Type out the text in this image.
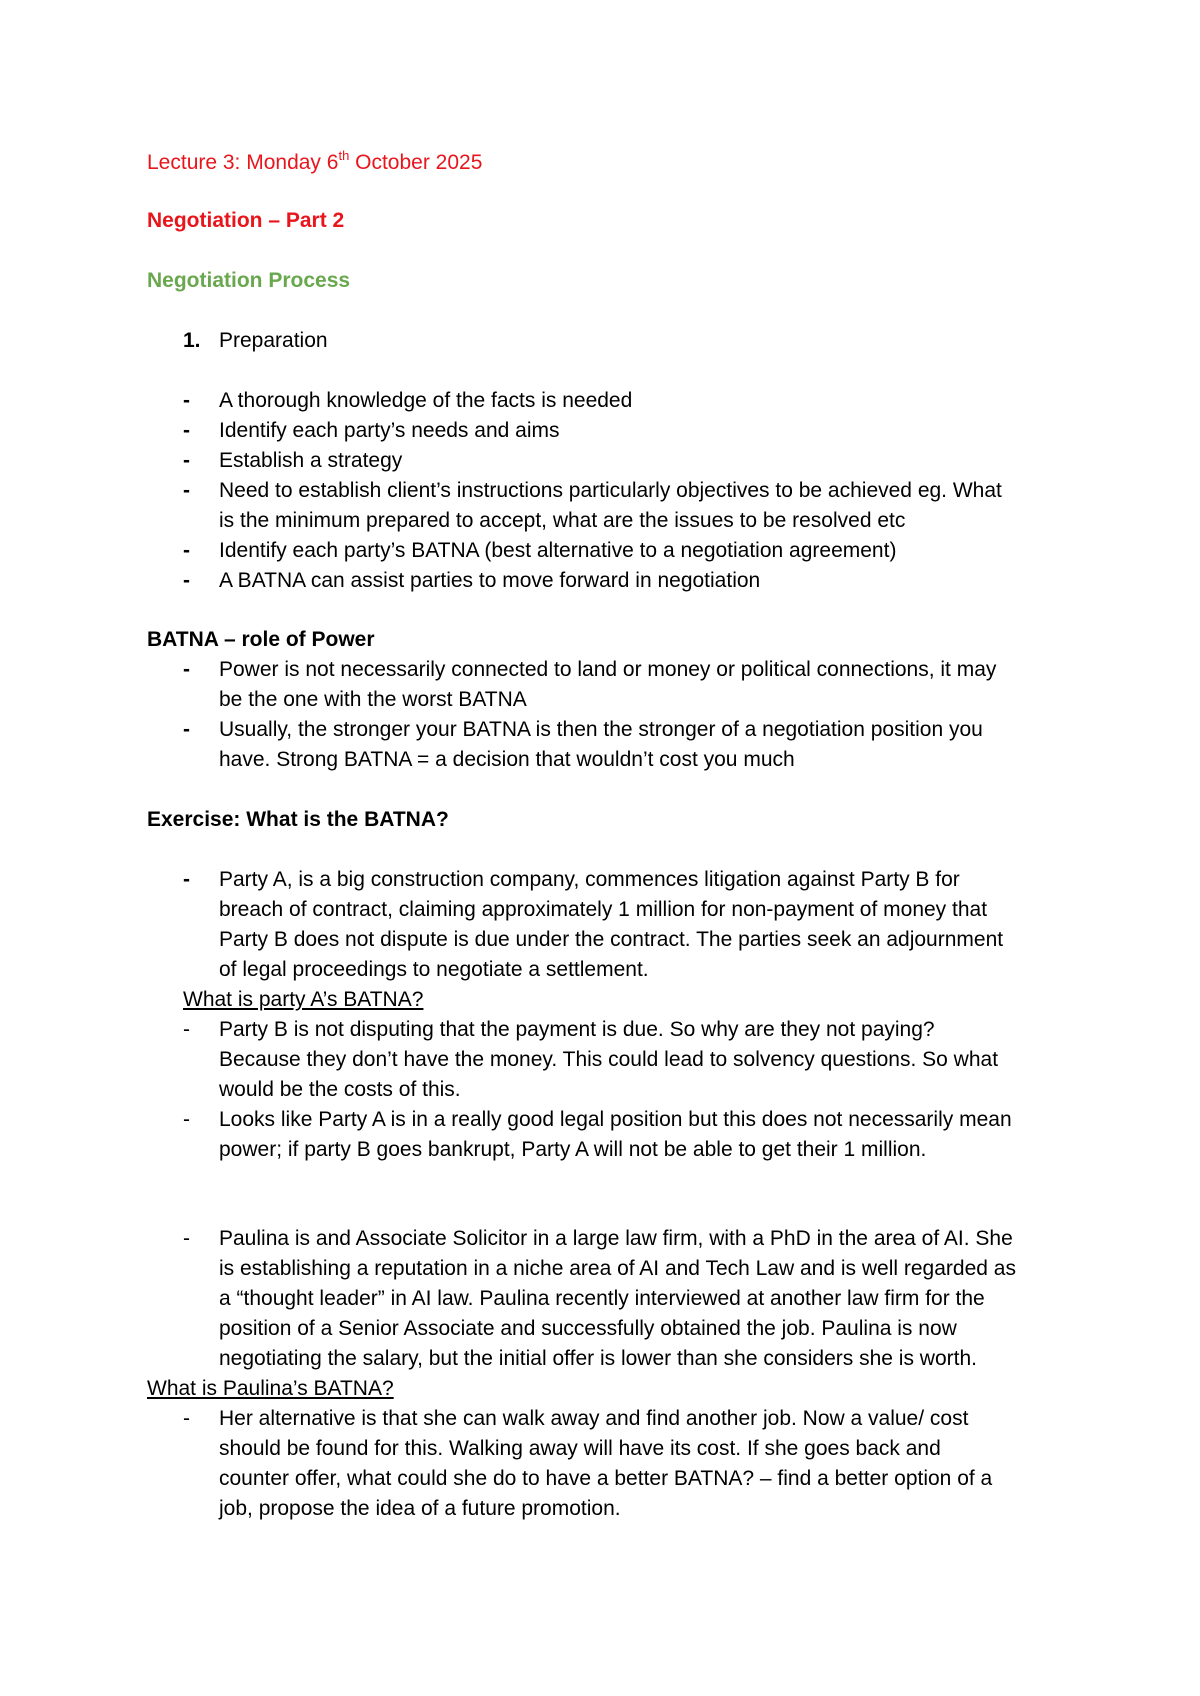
Lecture 3: Monday 6th October 2025
Negotiation – Part 2
Negotiation Process
1. Preparation
- A thorough knowledge of the facts is needed
- Identify each party’s needs and aims
- Establish a strategy
- Need to establish client’s instructions particularly objectives to be achieved eg. What
is the minimum prepared to accept, what are the issues to be resolved etc
- Identify each party’s BATNA (best alternative to a negotiation agreement)
- A BATNA can assist parties to move forward in negotiation
BATNA – role of Power
- Power is not necessarily connected to land or money or political connections, it may
be the one with the worst BATNA
- Usually, the stronger your BATNA is then the stronger of a negotiation position you
have. Strong BATNA = a decision that wouldn’t cost you much
Exercise: What is the BATNA?
- Party A, is a big construction company, commences litigation against Party B for
breach of contract, claiming approximately 1 million for non-payment of money that
Party B does not dispute is due under the contract. The parties seek an adjournment
of legal proceedings to negotiate a settlement.
What is party A’s BATNA?
- Party B is not disputing that the payment is due. So why are they not paying?
Because they don’t have the money. This could lead to solvency questions. So what
would be the costs of this.
- Looks like Party A is in a really good legal position but this does not necessarily mean
power; if party B goes bankrupt, Party A will not be able to get their 1 million.
- Paulina is and Associate Solicitor in a large law firm, with a PhD in the area of AI. She
is establishing a reputation in a niche area of AI and Tech Law and is well regarded as
a “thought leader” in AI law. Paulina recently interviewed at another law firm for the
position of a Senior Associate and successfully obtained the job. Paulina is now
negotiating the salary, but the initial offer is lower than she considers she is worth.
What is Paulina’s BATNA?
- Her alternative is that she can walk away and find another job. Now a value/ cost
should be found for this. Walking away will have its cost. If she goes back and
counter offer, what could she do to have a better BATNA? – find a better option of a
job, propose the idea of a future promotion.
